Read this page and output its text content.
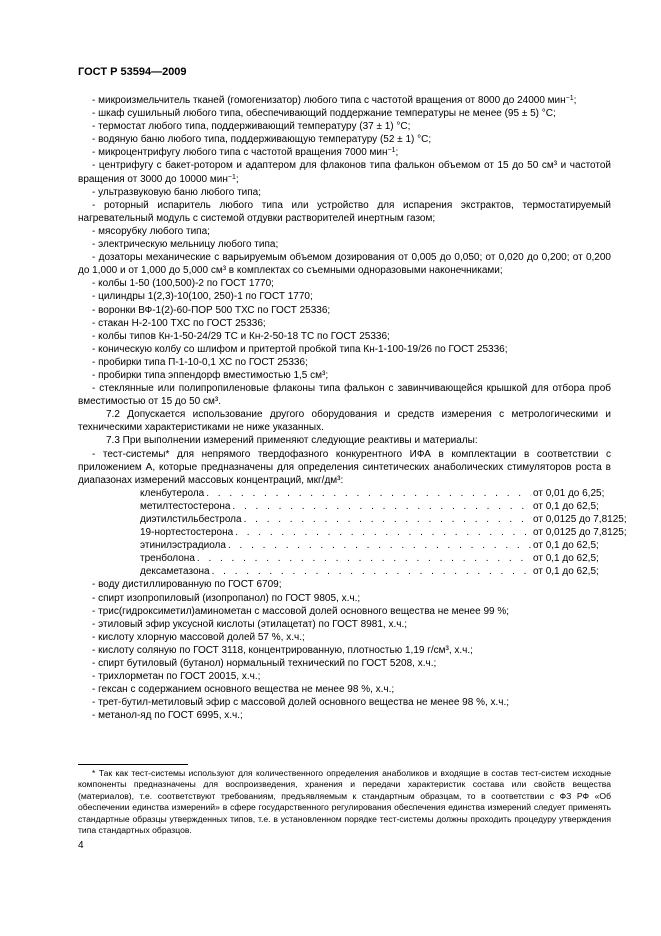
ГОСТ Р 53594—2009

- микроизмельчитель тканей (гомогенизатор) любого типа с частотой вращения от 8000 до 24000 мин$^{-1}$;

- шкаф сушильный любого типа, обеспечивающий поддержание температуры не менее (95 ± 5) °С;

- термостат любого типа, поддерживающий температуру (37 ± 1) °С;

- водяную баню любого типа, поддерживающую температуру (52 ± 1) °С;

- микроцентрифугу любого типа с частотой вращения 7000 мин$^{-1}$;

- центрифугу с бакет-ротором и адаптером для флаконов типа фалькон объемом от 15 до 50 см³ и частотой вращения от 3000 до 10000 мин$^{-1}$;

- ультразвуковую баню любого типа;

- роторный испаритель любого типа или устройство для испарения экстрактов, термостатируемый нагревательный модуль с системой отдувки растворителей инертным газом;

- мясорубку любого типа;

- электрическую мельницу любого типа;

- дозаторы механические с варьируемым объемом дозирования от 0,005 до 0,050; от 0,020 до 0,200; от 0,200 до 1,000 и от 1,000 до 5,000 см³ в комплектах со съемными одноразовыми наконечниками;

- колбы 1-50 (100,500)-2 по ГОСТ 1770;

- цилиндры 1(2,3)-10(100, 250)-1 по ГОСТ 1770;

- воронки ВФ-1(2)-60-ПОР 500 ТХС по ГОСТ 25336;

- стакан Н-2-100 ТХС по ГОСТ 25336;

- колбы типов Кн-1-50-24/29 ТС и Кн-2-50-18 ТС по ГОСТ 25336;

- коническую колбу со шлифом и притертой пробкой типа Кн-1-100-19/26 по ГОСТ 25336;

- пробирки типа П-1-10-0,1 ХС по ГОСТ 25336;

- пробирки типа эппендорф вместимостью 1,5 см³;

- стеклянные или полипропиленовые флаконы типа фалькон с завинчивающейся крышкой для отбора проб вместимостью от 15 до 50 см³.

7.2 Допускается использование другого оборудования и средств измерения с метрологическими и техническими характеристиками не ниже указанных.

7.3 При выполнении измерений применяют следующие реактивы и материалы:

- тест-системы* для непрямого твердофазного конкурентного ИФА в комплектации в соответствии с приложением А, которые предназначены для определения синтетических анаболических стимуляторов роста в диапазонах измерений массовых концентраций, мкг/дм³:

кленбутерола . . .	от 0,01 до 6,25;
метилтестостерона . . .	от 0,1 до 62,5;
диэтилстильбестрола . . .	от 0,0125 до 7,8125;
19-нортестостерона . . .	от 0,0125 до 7,8125;
этинилэстрадиола . . .	от 0,1 до 62,5;
тренболона . . .	от 0,1 до 62,5;
дексаметазона . . .	от 0,1 до 62,5;

- воду дистиллированную по ГОСТ 6709;

- спирт изопропиловый (изопропанол) по ГОСТ 9805, х.ч.;

- трис(гидроксиметил)аминометан с массовой долей основного вещества не менее 99 %;

- этиловый эфир уксусной кислоты (этилацетат) по ГОСТ 8981, х.ч.;

- кислоту хлорную массовой долей 57 %, х.ч.;

- кислоту соляную по ГОСТ 3118, концентрированную, плотностью 1,19 г/см³, х.ч.;

- спирт бутиловый (бутанол) нормальный технический по ГОСТ 5208, х.ч.;

- трихлорметан по ГОСТ 20015, х.ч.;

- гексан с содержанием основного вещества не менее 98 %, х.ч.;

- трет-бутил-метиловый эфир с массовой долей основного вещества не менее 98 %, х.ч.;

- метанол-яд по ГОСТ 6995, х.ч.;

* Так как тест-системы используют для количественного определения анаболиков и входящие в состав тест-систем исходные компоненты предназначены для воспроизведения, хранения и передачи характеристик состава или свойств вещества (материалов), т.е. соответствуют требованиям, предъявляемым к стандартным образцам, то в соответствии с ФЗ РФ «Об обеспечении единства измерений» в сфере государственного регулирования обеспечения единства измерений следует применять стандартные образцы утвержденных типов, т.е. в установленном порядке тест-системы должны проходить процедуру утверждения типа стандартных образцов.

4
